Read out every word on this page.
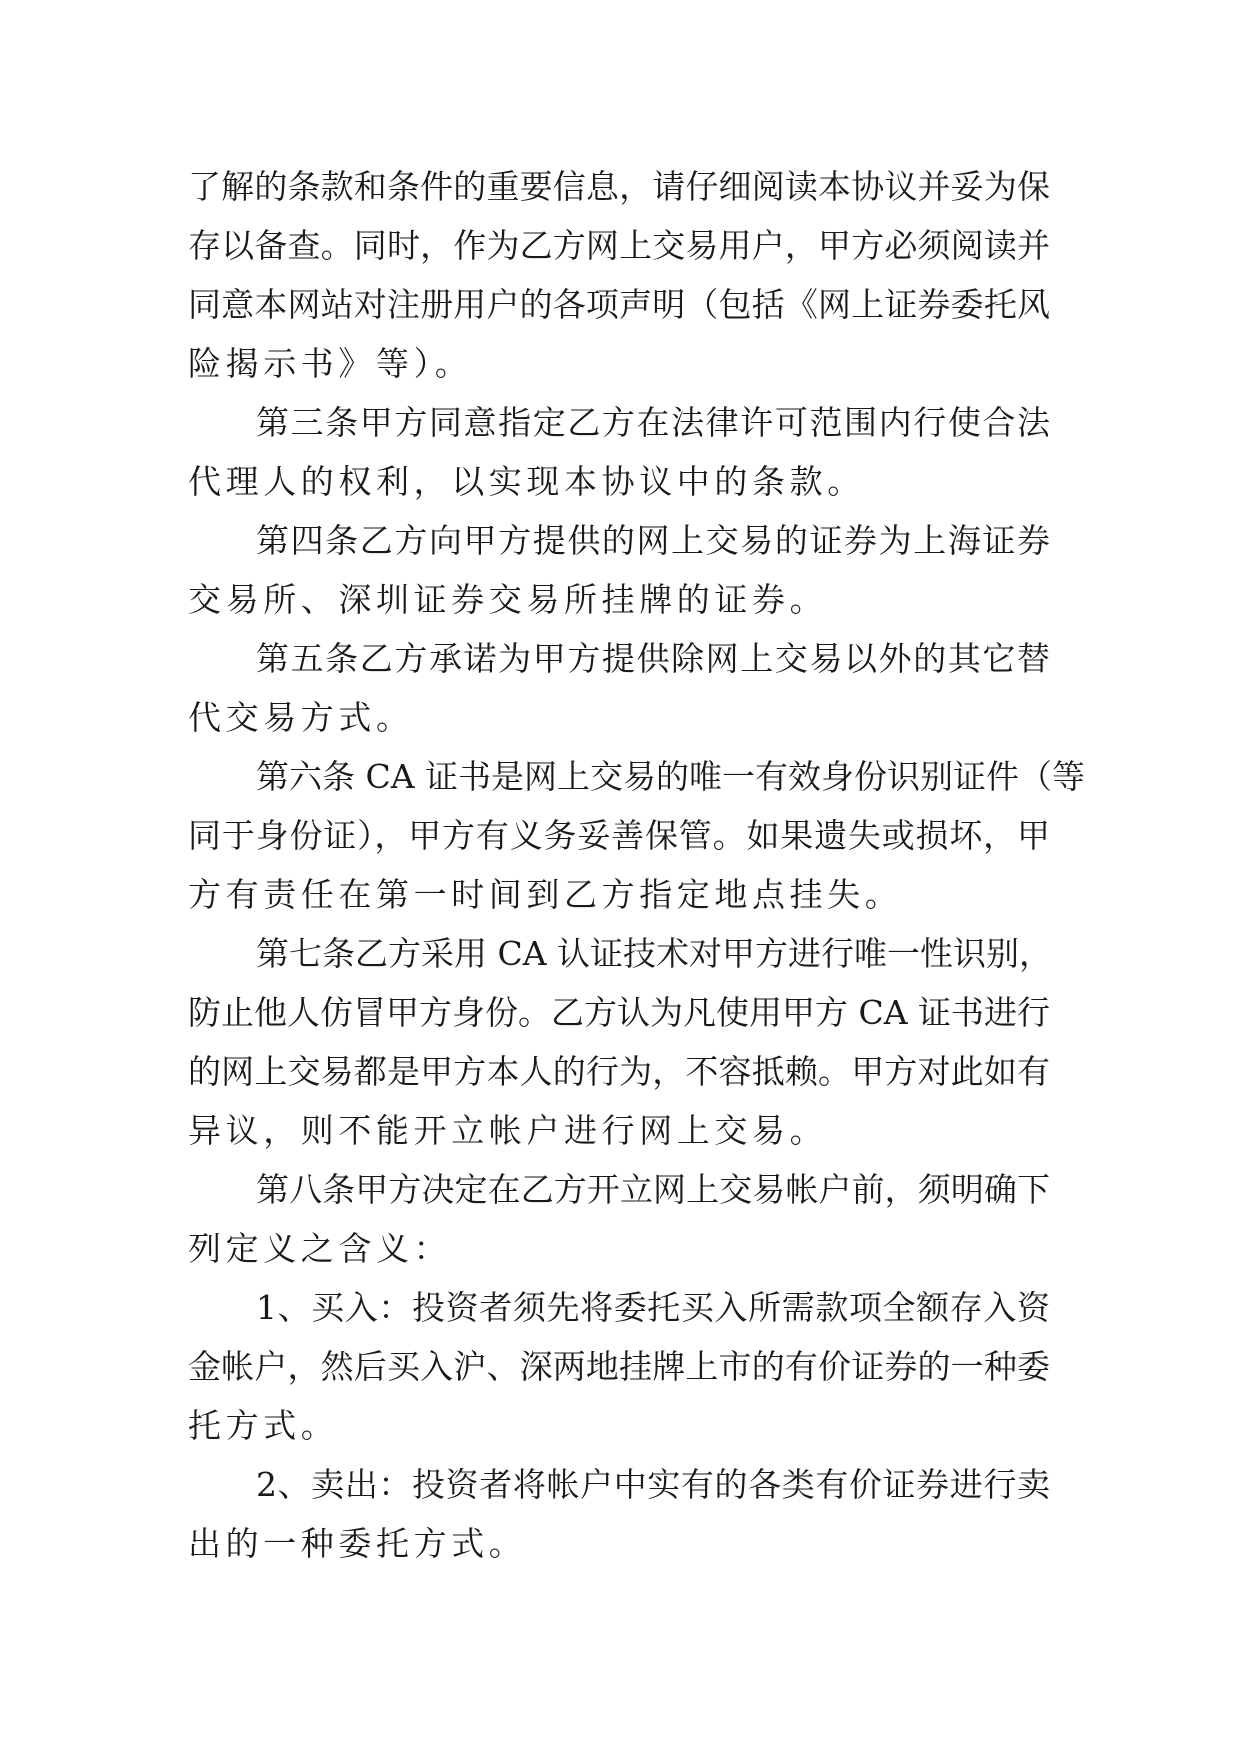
了解的条款和条件的重要信息，请仔细阅读本协议并妥为保
存以备查。同时，作为乙方网上交易用户，甲方必须阅读并
同意本网站对注册用户的各项声明（包括《网上证券委托风
险揭示书》等）。
第三条甲方同意指定乙方在法律许可范围内行使合法
代理人的权利，以实现本协议中的条款。
第四条乙方向甲方提供的网上交易的证券为上海证券
交易所、深圳证券交易所挂牌的证券。
第五条乙方承诺为甲方提供除网上交易以外的其它替
代交易方式。
第六条 CA 证书是网上交易的唯一有效身份识别证件（等
同于身份证），甲方有义务妥善保管。如果遗失或损坏，甲
方有责任在第一时间到乙方指定地点挂失。
第七条乙方采用 CA 认证技术对甲方进行唯一性识别，
防止他人仿冒甲方身份。乙方认为凡使用甲方 CA 证书进行
的网上交易都是甲方本人的行为，不容抵赖。甲方对此如有
异议，则不能开立帐户进行网上交易。
第八条甲方决定在乙方开立网上交易帐户前，须明确下
列定义之含义：
1、买入：投资者须先将委托买入所需款项全额存入资
金帐户，然后买入沪、深两地挂牌上市的有价证券的一种委
托方式。
2、卖出：投资者将帐户中实有的各类有价证券进行卖
出的一种委托方式。
